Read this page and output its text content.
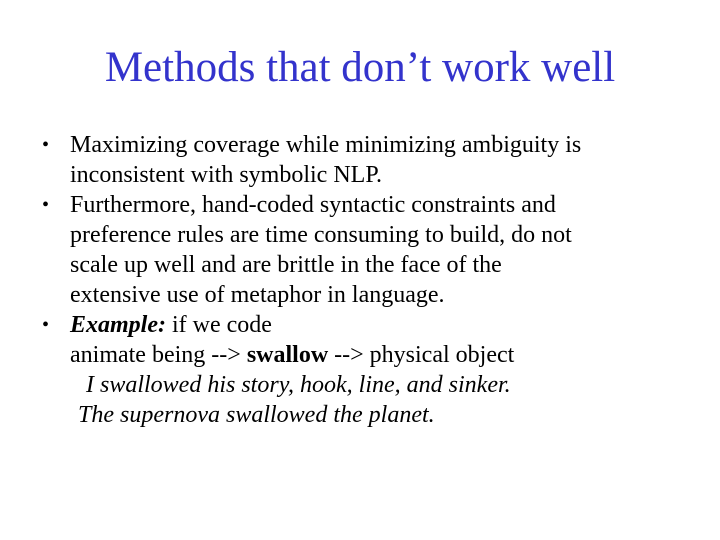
Methods that don’t work well
• Maximizing coverage while minimizing ambiguity is
inconsistent with symbolic NLP.
• Furthermore, hand-coded syntactic constraints and
preference rules are time consuming to build, do not
scale up well and are brittle in the face of the
extensive use of metaphor in language.
• Example: if we code
animate being --> swallow --> physical object
I swallowed his story, hook, line, and sinker.
The supernova swallowed the planet.
